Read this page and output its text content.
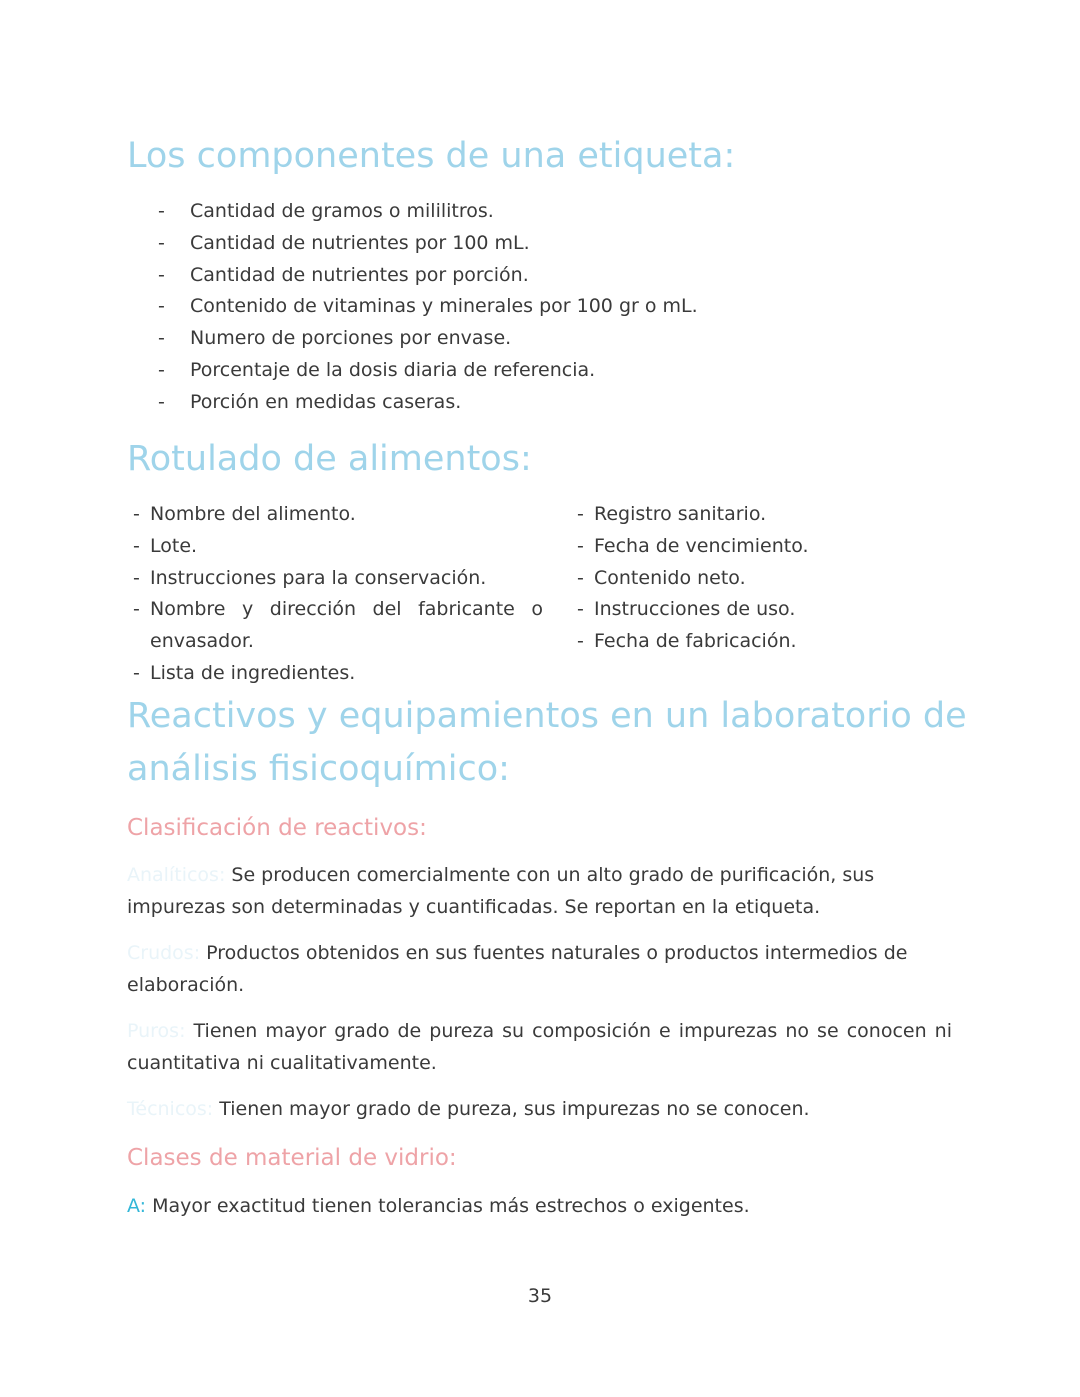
Los componentes de una etiqueta:
- Cantidad de gramos o mililitros.
- Cantidad de nutrientes por 100 mL.
- Cantidad de nutrientes por porción.
- Contenido de vitaminas y minerales por 100 gr o mL.
- Numero de porciones por envase.
- Porcentaje de la dosis diaria de referencia.
- Porción en medidas caseras.
Rotulado de alimentos:
- Nombre del alimento.
- Lote.
- Instrucciones para la conservación.
- Nombre y dirección del fabricante o envasador.
- Lista de ingredientes.
- Registro sanitario.
- Fecha de vencimiento.
- Contenido neto.
- Instrucciones de uso.
- Fecha de fabricación.
Reactivos y equipamientos en un laboratorio de análisis fisicoquímico:
Clasificación de reactivos:

Analíticos: Se producen comercialmente con un alto grado de purificación, sus impurezas son determinadas y cuantificadas. Se reportan en la etiqueta.

Crudos: Productos obtenidos en sus fuentes naturales o productos intermedios de elaboración.

Puros: Tienen mayor grado de pureza su composición e impurezas no se conocen ni cuantitativa ni cualitativamente.

Técnicos: Tienen mayor grado de pureza, sus impurezas no se conocen.

Clases de material de vidrio:

A: Mayor exactitud tienen tolerancias más estrechos o exigentes.

35
